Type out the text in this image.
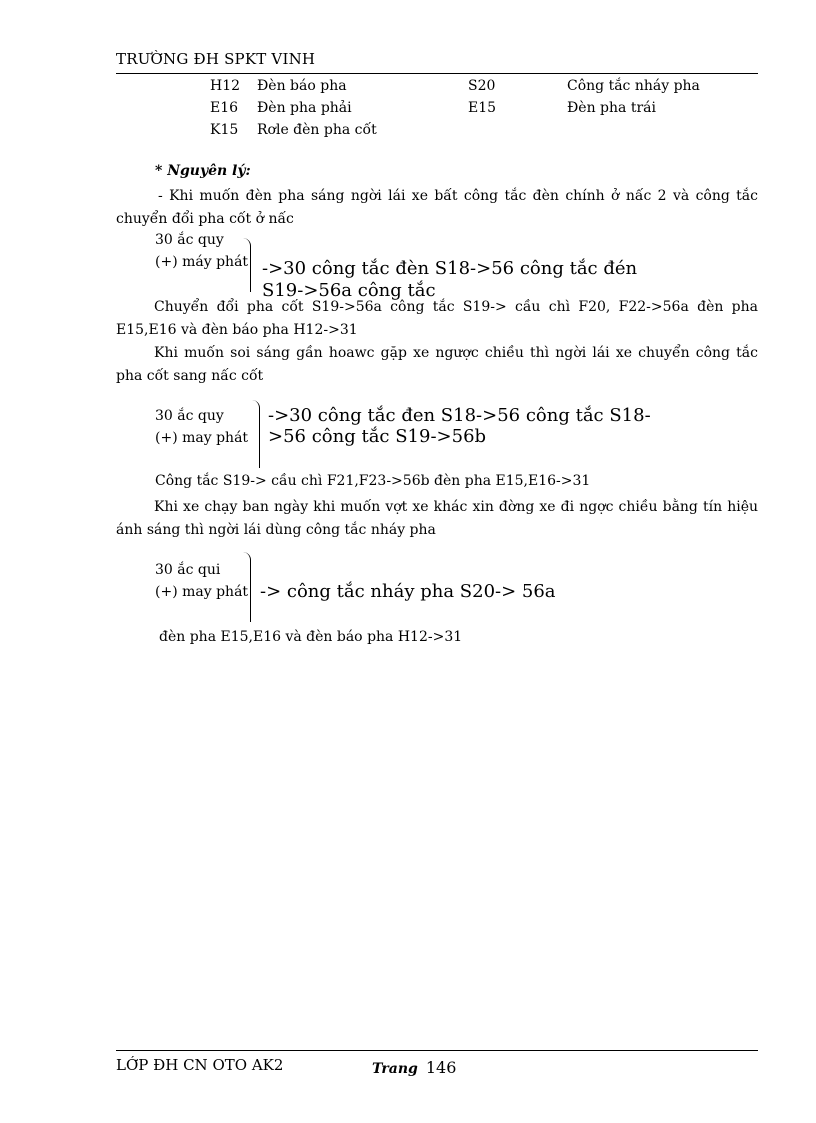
TRƯỜNG ĐH SPKT VINH
H12 Đèn báo pha	S20	Công tắc nháy pha
E16 Đèn pha phải	E15	Đèn pha trái
K15 Rơle đèn pha cốt
* Nguyên lý:
- Khi muốn đèn pha sáng ngời lái xe bất công tắc đèn chính ở nấc 2 và công tắc chuyển đổi pha cốt ở nấc
30 ắc quy
(+) máy phát ->30 công tắc đèn S18->56 công tắc đén
S19->56a công tắc
Chuyển đổi pha cốt S19->56a công tắc S19-> cầu chì F20, F22->56a đèn pha E15,E16 và đèn báo pha H12->31
Khi muốn soi sáng gần hoawc gặp xe ngược chiều thì ngời lái xe chuyển công tắc pha cốt sang nấc cốt
30 ắc quy
(+) may phát
->30 công tắc đen S18->56 công tắc S18-
>56 công tắc S19->56b
Công tắc S19-> cầu chì F21,F23->56b đèn pha E15,E16->31
Khi xe chạy ban ngày khi muốn vợt xe khác xin đờng xe đi ngợc chiều bằng tín hiệu ánh sáng thì ngời lái dùng công tắc nháy pha
30 ắc qui
(+) may phát -> công tắc nháy pha S20-> 56a
đèn pha E15,E16 và đèn báo pha H12->31
LỚP ĐH CN OTO AK2	Trang 146
